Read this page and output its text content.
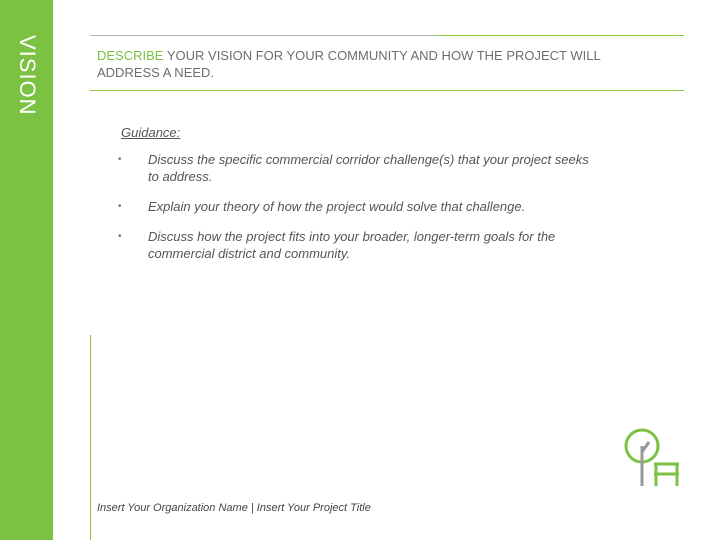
VISION	DESCRIBE YOUR VISION FOR YOUR COMMUNITY AND HOW THE PROJECT WILL ADDRESS A NEED.
Guidance:
• Discuss the specific commercial corridor challenge(s) that your project seeks to address.
• Explain your theory of how the project would solve that challenge.
• Discuss how the project fits into your broader, longer-term goals for the commercial district and community.
Insert Your Organization Name | Insert Your Project Title
